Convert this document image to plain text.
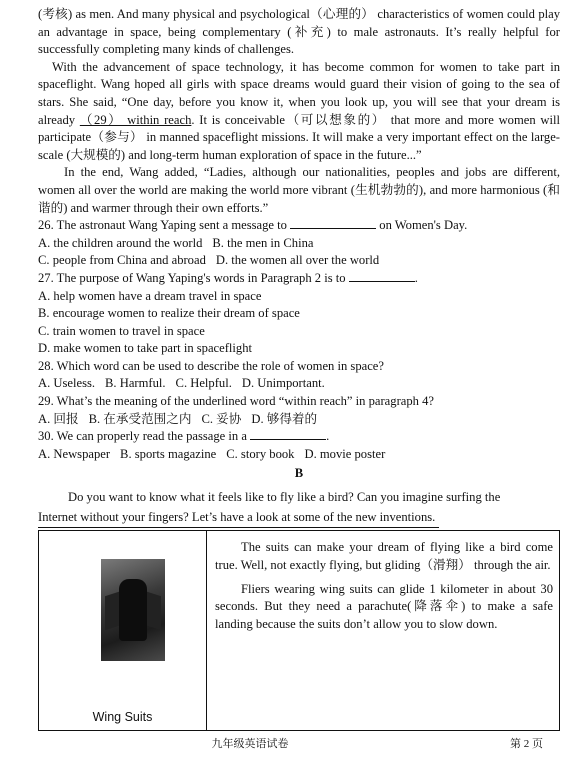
(考核) as men. And many physical and psychological（心理的） characteristics of women could play an advantage in space, being complementary (补充) to male astronauts. It’s really helpful for successfully completing many kinds of challenges.

With the advancement of space technology, it has become common for women to take part in spaceflight. Wang hoped all girls with space dreams would guard their vision of going to the sea of stars. She said, “One day, before you know it, when you look up, you will see that your dream is already （29） within reach. It is conceivable（可以想象的） that more and more women will participate（参与） in manned spaceflight missions. It will make a very important effect on the large-scale (大规模的) and long-term human exploration of space in the future...”

In the end, Wang added, “Ladies, although our nationalities, peoples and jobs are different, women all over the world are making the world more vibrant (生机勃勃的), and more harmonious (和谐的) and warmer through their own efforts.”

26. The astronaut Wang Yaping sent a message to	on Women's Day.
A. the children around the world B. the men in China
C. people from China and abroad D. the women all over the world
27. The purpose of Wang Yaping's words in Paragraph 2 is to	.
A. help women have a dream travel in space
B. encourage women to realize their dream of space
C. train women to travel in space
D. make women to take part in spaceflight
28. Which word can be used to describe the role of women in space?
A. Useless. B. Harmful. C. Helpful. D. Unimportant.
29. What’s the meaning of the underlined word “within reach” in paragraph 4?
A. 回报 B. 在承受范围之内 C. 妥协 D. 够得着的
30. We can properly read the passage in a	.
A. Newspaper B. sports magazine C. story book D. movie poster
B

Do you want to know what it feels like to fly like a bird? Can you imagine surfing the

Internet without your fingers? Let’s have a look at some of the new inventions.
Wing Suits

The suits can make your dream of flying like a bird come true. Well, not exactly flying, but gliding（滑翔） through the air.

Fliers wearing wing suits can glide 1 kilometer in about 30 seconds. But they need a parachute(降落伞) to make a safe landing because the suits don’t allow you to slow down.

九年级英语试卷	第 2 页
